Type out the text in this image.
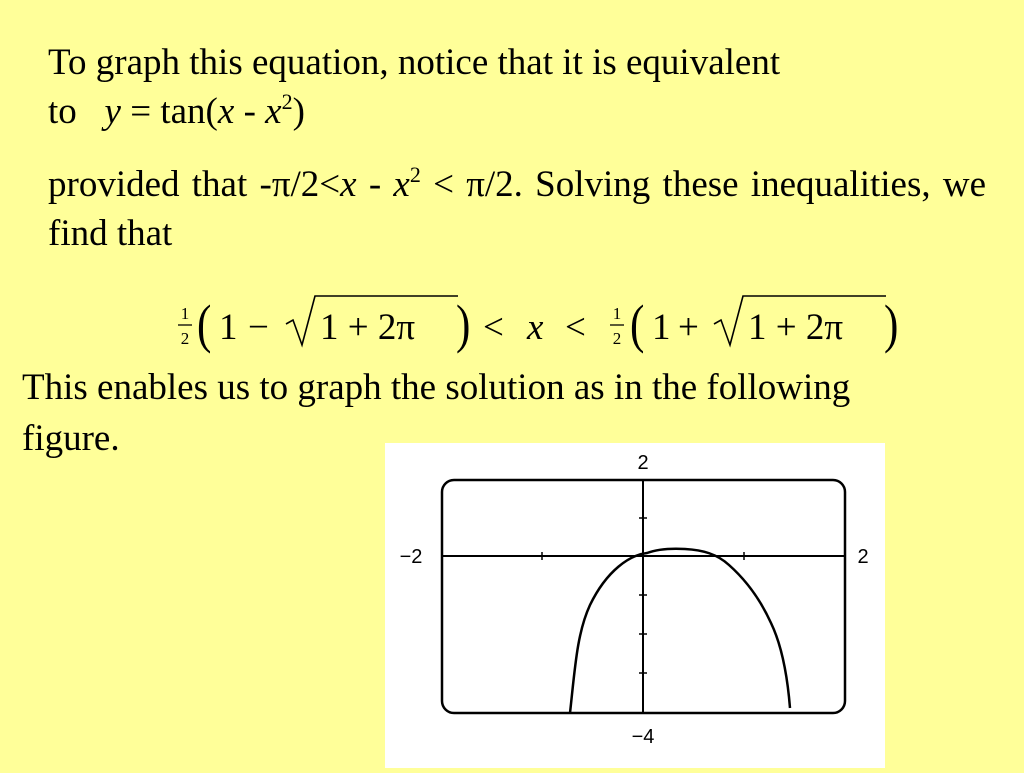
To graph this equation, notice that it is equivalent
to $y = \tan(x - x^2)$
provided that $-\pi/2<x - x^2 < \pi/2$. Solving these inequalities, we find that
1
2 ( 1 − 1 + 2π ) < x < 1
2 ( 1 + 1 + 2π )
This enables us to graph the solution as in the following figure.
2
−4
−2	2
